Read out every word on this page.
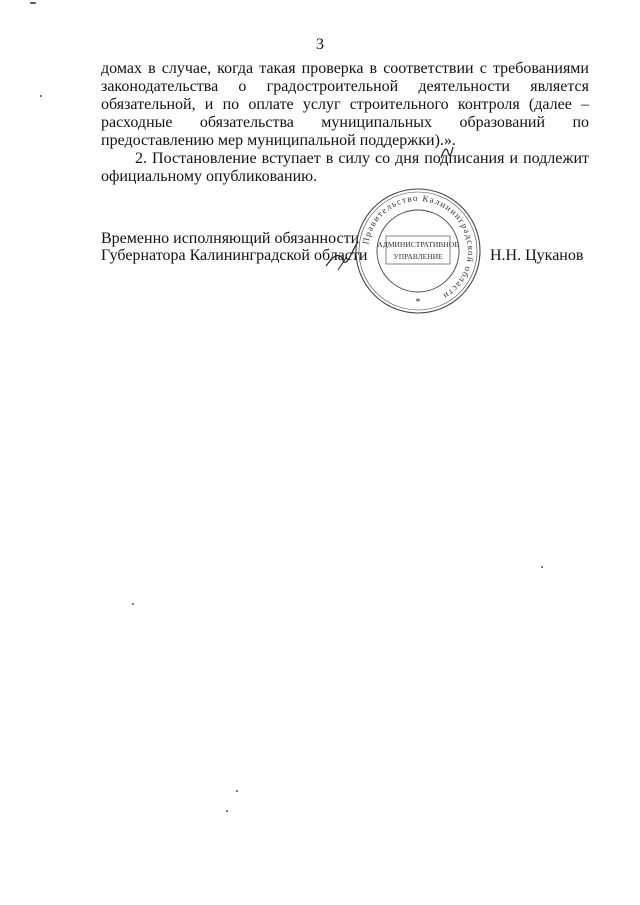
3

домах в случае, когда такая проверка в соответствии с требованиями законодательства о градостроительной деятельности является обязательной, и по оплате услуг строительного контроля (далее – расходные обязательства муниципальных образований по предоставлению мер муниципальной поддержки).».

2. Постановление вступает в силу со дня подписания и подлежит официальному опубликованию.

Временно исполняющий обязанности
Губернатора Калининградской области
Правительство Калининградской области
АДМИНИСТРАТИВНОЕ
УПРАВЛЕНИЕ
*
Н.Н. Цуканов
